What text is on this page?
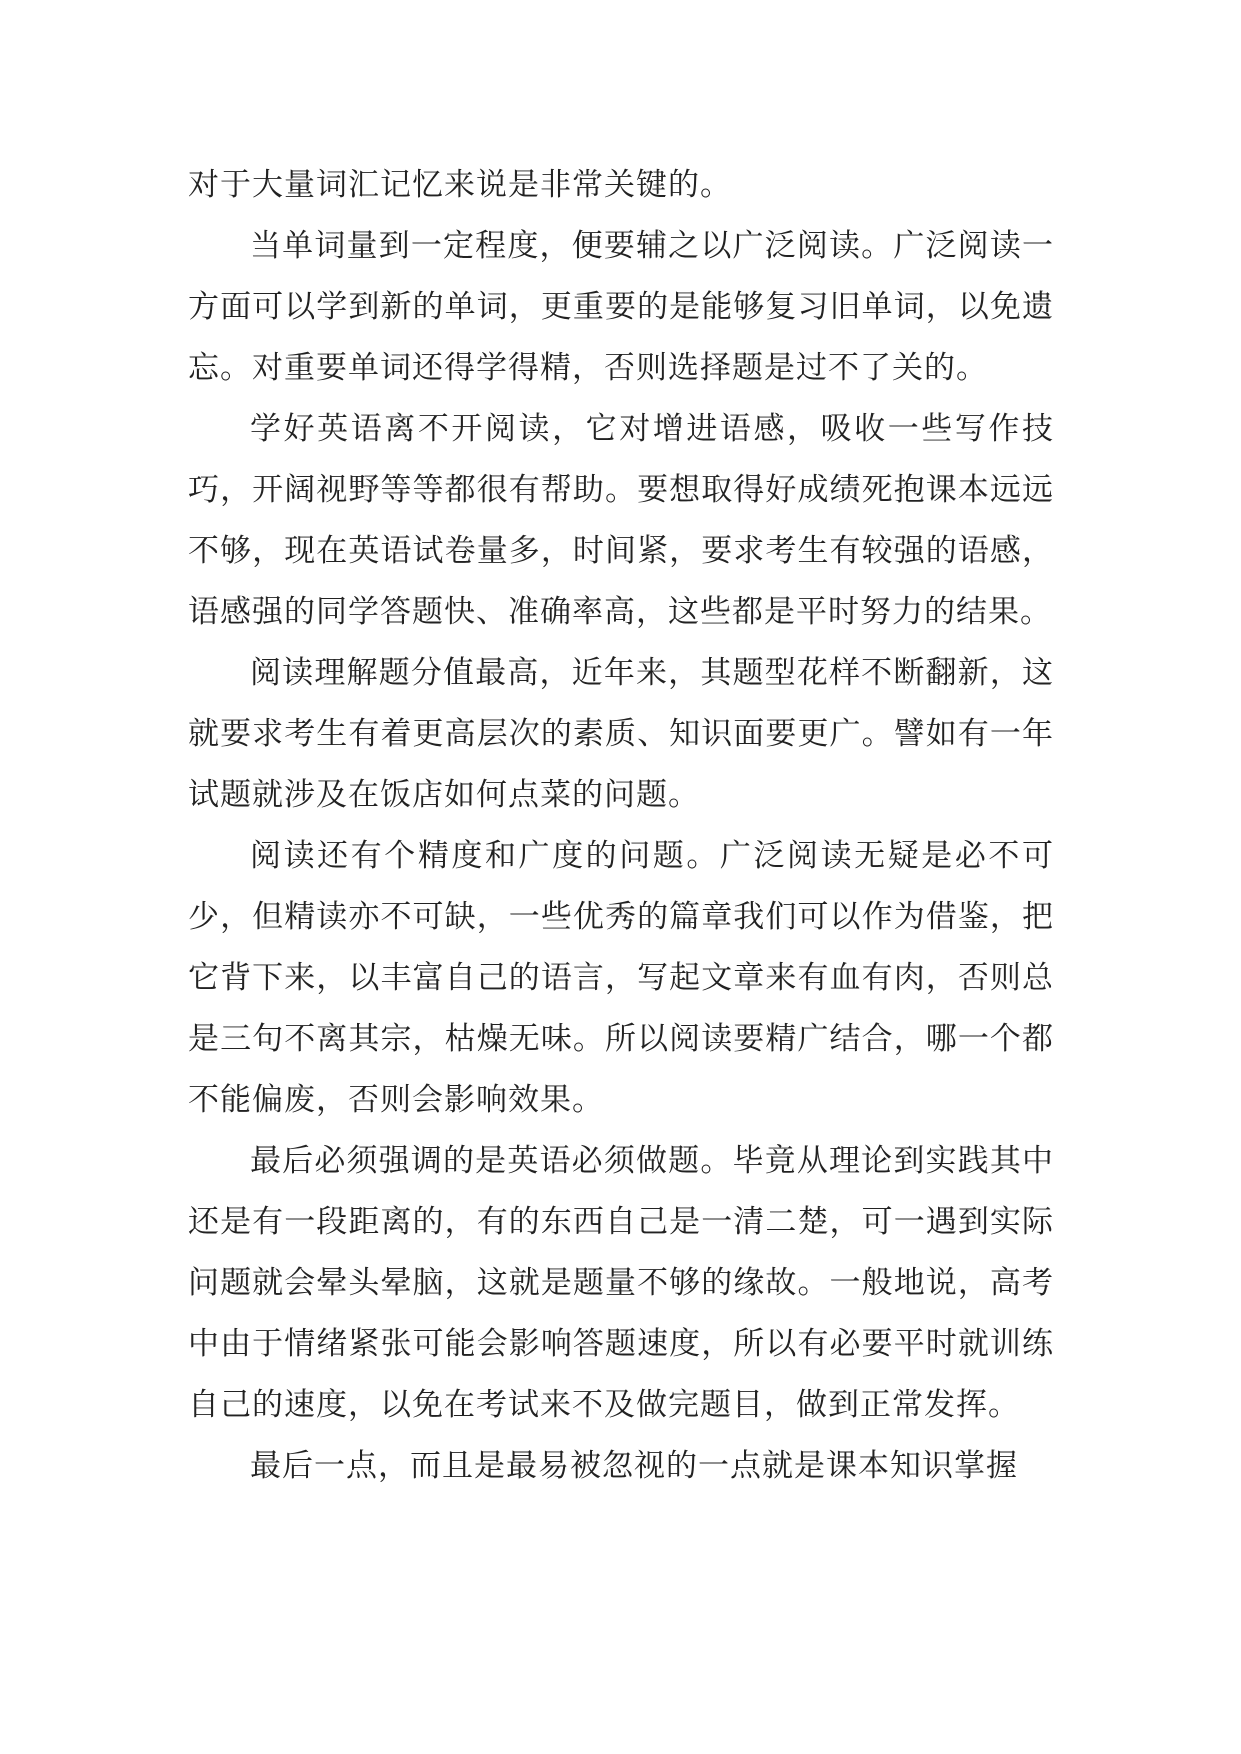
对于大量词汇记忆来说是非常关键的。

当单词量到一定程度，便要辅之以广泛阅读。广泛阅读一方面可以学到新的单词，更重要的是能够复习旧单词，以免遗忘。对重要单词还得学得精，否则选择题是过不了关的。

学好英语离不开阅读，它对增进语感，吸收一些写作技巧，开阔视野等等都很有帮助。要想取得好成绩死抱课本远远不够，现在英语试卷量多，时间紧，要求考生有较强的语感，语感强的同学答题快、准确率高，这些都是平时努力的结果。

阅读理解题分值最高，近年来，其题型花样不断翻新，这就要求考生有着更高层次的素质、知识面要更广。譬如有一年试题就涉及在饭店如何点菜的问题。

阅读还有个精度和广度的问题。广泛阅读无疑是必不可少，但精读亦不可缺，一些优秀的篇章我们可以作为借鉴，把它背下来，以丰富自己的语言，写起文章来有血有肉，否则总是三句不离其宗，枯燥无味。所以阅读要精广结合，哪一个都不能偏废，否则会影响效果。

最后必须强调的是英语必须做题。毕竟从理论到实践其中还是有一段距离的，有的东西自己是一清二楚，可一遇到实际问题就会晕头晕脑，这就是题量不够的缘故。一般地说，高考中由于情绪紧张可能会影响答题速度，所以有必要平时就训练自己的速度，以免在考试来不及做完题目，做到正常发挥。

最后一点，而且是最易被忽视的一点就是课本知识掌握
